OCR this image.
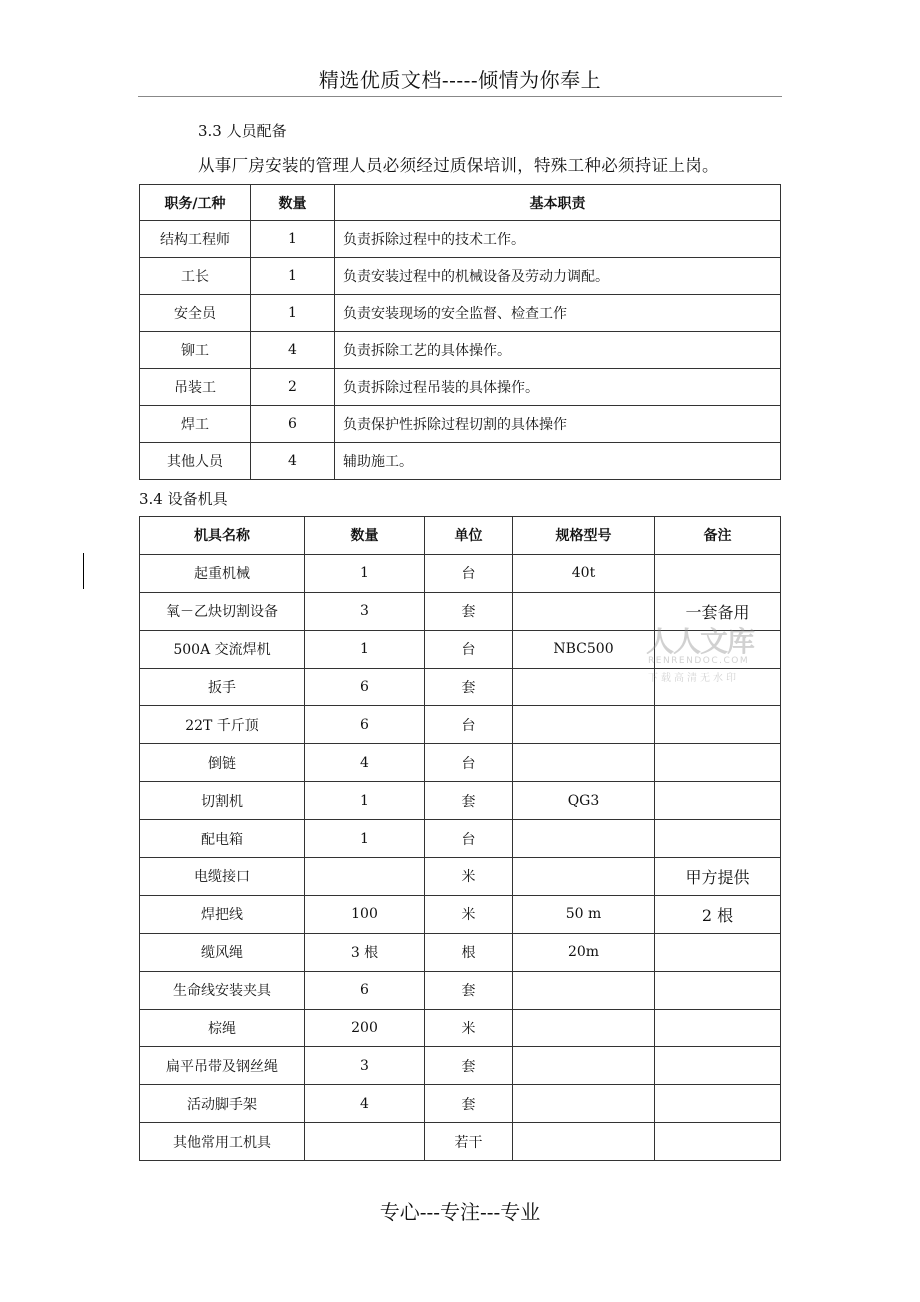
精选优质文档-----倾情为你奉上
3.3 人员配备
从事厂房安装的管理人员必须经过质保培训，特殊工种必须持证上岗。
职务/工种	数量	基本职责
结构工程师	1	负责拆除过程中的技术工作。
工长	1	负责安装过程中的机械设备及劳动力调配。
安全员	1	负责安装现场的安全监督、检查工作
铆工	4	负责拆除工艺的具体操作。
吊装工	2	负责拆除过程吊装的具体操作。
焊工	6	负责保护性拆除过程切割的具体操作
其他人员	4	辅助施工。
3.4 设备机具
机具名称	数量	单位	规格型号	备注
起重机械	1	台	40t	
氧－乙炔切割设备	3	套		一套备用
500A 交流焊机	1	台	NBC500	
扳手	6	套		
22T 千斤顶	6	台		
倒链	4	台		
切割机	1	套	QG3	
配电箱	1	台		
电缆接口		米		甲方提供
焊把线	100	米	50 m	2 根
缆风绳	3 根	根	20m	
生命线安装夹具	6	套		
棕绳	200	米		
扁平吊带及钢丝绳	3	套		
活动脚手架	4	套		
其他常用工机具		若干		
人人文库
RENRENDOC.COM
下载高清无水印
专心---专注---专业
